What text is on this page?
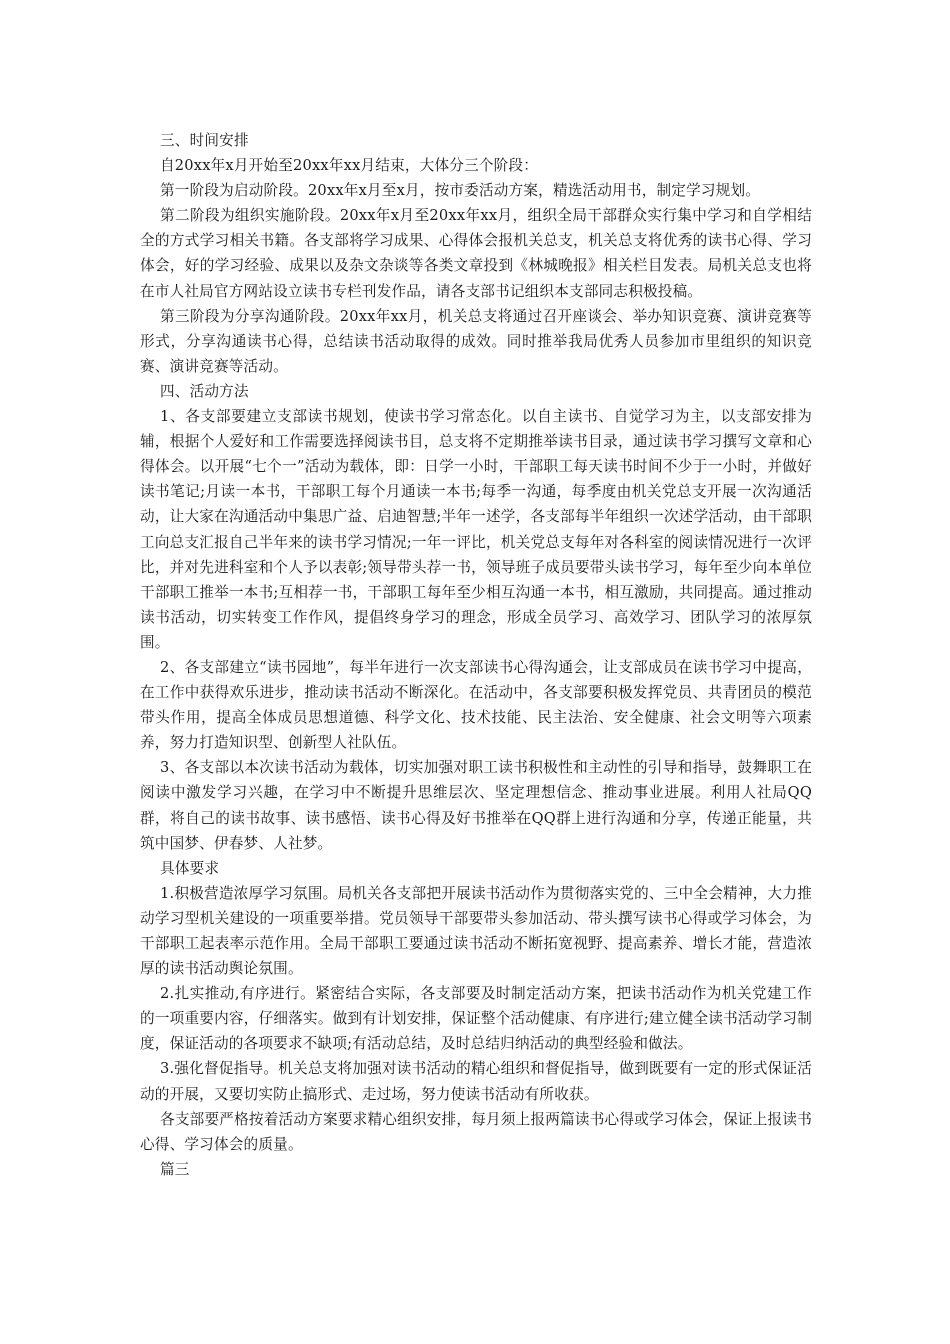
三、时间安排

自20xx年x月开始至20xx年xx月结束，大体分三个阶段：

第一阶段为启动阶段。20xx年x月至x月，按市委活动方案，精选活动用书，制定学习规划。

第二阶段为组织实施阶段。20xx年x月至20xx年xx月，组织全局干部群众实行集中学习和自学相结全的方式学习相关书籍。各支部将学习成果、心得体会报机关总支，机关总支将优秀的读书心得、学习体会，好的学习经验、成果以及杂文杂谈等各类文章投到《林城晚报》相关栏目发表。局机关总支也将在市人社局官方网站设立读书专栏刊发作品，请各支部书记组织本支部同志积极投稿。

第三阶段为分享沟通阶段。20xx年xx月，机关总支将通过召开座谈会、举办知识竞赛、演讲竞赛等形式，分享沟通读书心得，总结读书活动取得的成效。同时推举我局优秀人员参加市里组织的知识竞赛、演讲竞赛等活动。

四、活动方法

1、各支部要建立支部读书规划，使读书学习常态化。以自主读书、自觉学习为主，以支部安排为辅，根据个人爱好和工作需要选择阅读书目，总支将不定期推举读书目录，通过读书学习撰写文章和心得体会。以开展“七个一”活动为载体，即：日学一小时，干部职工每天读书时间不少于一小时，并做好读书笔记;月读一本书，干部职工每个月通读一本书;每季一沟通，每季度由机关党总支开展一次沟通活动，让大家在沟通活动中集思广益、启迪智慧;半年一述学，各支部每半年组织一次述学活动，由干部职工向总支汇报自己半年来的读书学习情况;一年一评比，机关党总支每年对各科室的阅读情况进行一次评比，并对先进科室和个人予以表彰;领导带头荐一书，领导班子成员要带头读书学习，每年至少向本单位干部职工推举一本书;互相荐一书，干部职工每年至少相互沟通一本书，相互激励，共同提高。通过推动读书活动，切实转变工作作风，提倡终身学习的理念，形成全员学习、高效学习、团队学习的浓厚氛围。

2、各支部建立“读书园地”，每半年进行一次支部读书心得沟通会，让支部成员在读书学习中提高，在工作中获得欢乐进步，推动读书活动不断深化。在活动中，各支部要积极发挥党员、共青团员的模范带头作用，提高全体成员思想道德、科学文化、技术技能、民主法治、安全健康、社会文明等六项素养，努力打造知识型、创新型人社队伍。

3、各支部以本次读书活动为载体，切实加强对职工读书积极性和主动性的引导和指导，鼓舞职工在阅读中激发学习兴趣，在学习中不断提升思维层次、坚定理想信念、推动事业进展。利用人社局QQ群，将自己的读书故事、读书感悟、读书心得及好书推举在QQ群上进行沟通和分享，传递正能量，共筑中国梦、伊春梦、人社梦。

具体要求

1.积极营造浓厚学习氛围。局机关各支部把开展读书活动作为贯彻落实党的、三中全会精神，大力推动学习型机关建设的一项重要举措。党员领导干部要带头参加活动、带头撰写读书心得或学习体会，为干部职工起表率示范作用。全局干部职工要通过读书活动不断拓宽视野、提高素养、增长才能，营造浓厚的读书活动舆论氛围。

2.扎实推动,有序进行。紧密结合实际，各支部要及时制定活动方案，把读书活动作为机关党建工作的一项重要内容，仔细落实。做到有计划安排，保证整个活动健康、有序进行;建立健全读书活动学习制度，保证活动的各项要求不缺项;有活动总结，及时总结归纳活动的典型经验和做法。

3.强化督促指导。机关总支将加强对读书活动的精心组织和督促指导，做到既要有一定的形式保证活动的开展，又要切实防止搞形式、走过场，努力使读书活动有所收获。

各支部要严格按着活动方案要求精心组织安排，每月须上报两篇读书心得或学习体会，保证上报读书心得、学习体会的质量。

篇三
